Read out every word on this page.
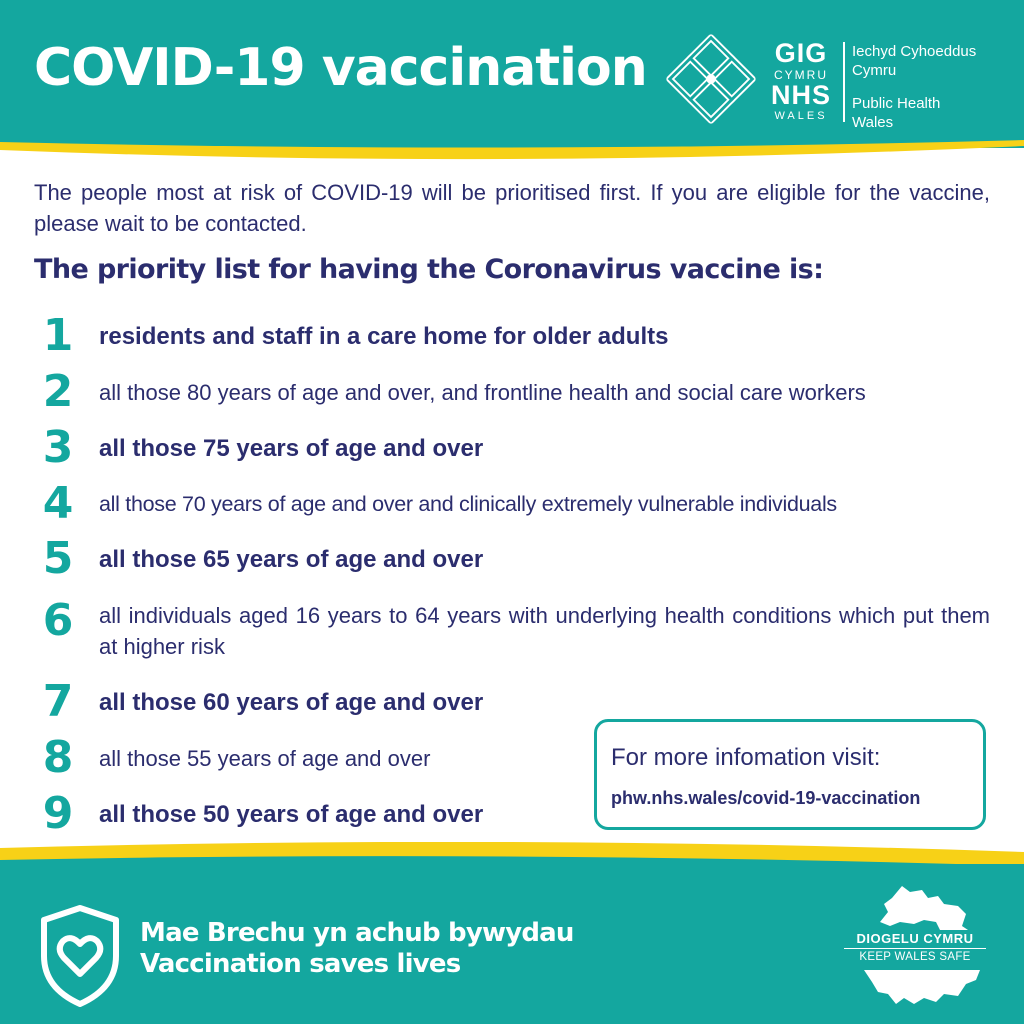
COVID-19 vaccination	GIG
CYMRU
NHS
WALES
Iechyd Cyhoeddus
Cymru
Public Health
Wales
The people most at risk of COVID-19 will be prioritised first. If you are eligible for the vaccine, please wait to be contacted.
The priority list for having the Coronavirus vaccine is:
1 residents and staff in a care home for older adults
2 all those 80 years of age and over, and frontline health and social care workers
3 all those 75 years of age and over
4 all those 70 years of age and over and clinically extremely vulnerable individuals
5 all those 65 years of age and over
6 all individuals aged 16 years to 64 years with underlying health conditions which put them at higher risk
7 all those 60 years of age and over
8 all those 55 years of age and over
9 all those 50 years of age and over
For more infomation visit:
phw.nhs.wales/covid-19-vaccination
Mae Brechu yn achub bywydau
Vaccination saves lives
DIOGELU CYMRU
KEEP WALES SAFE
